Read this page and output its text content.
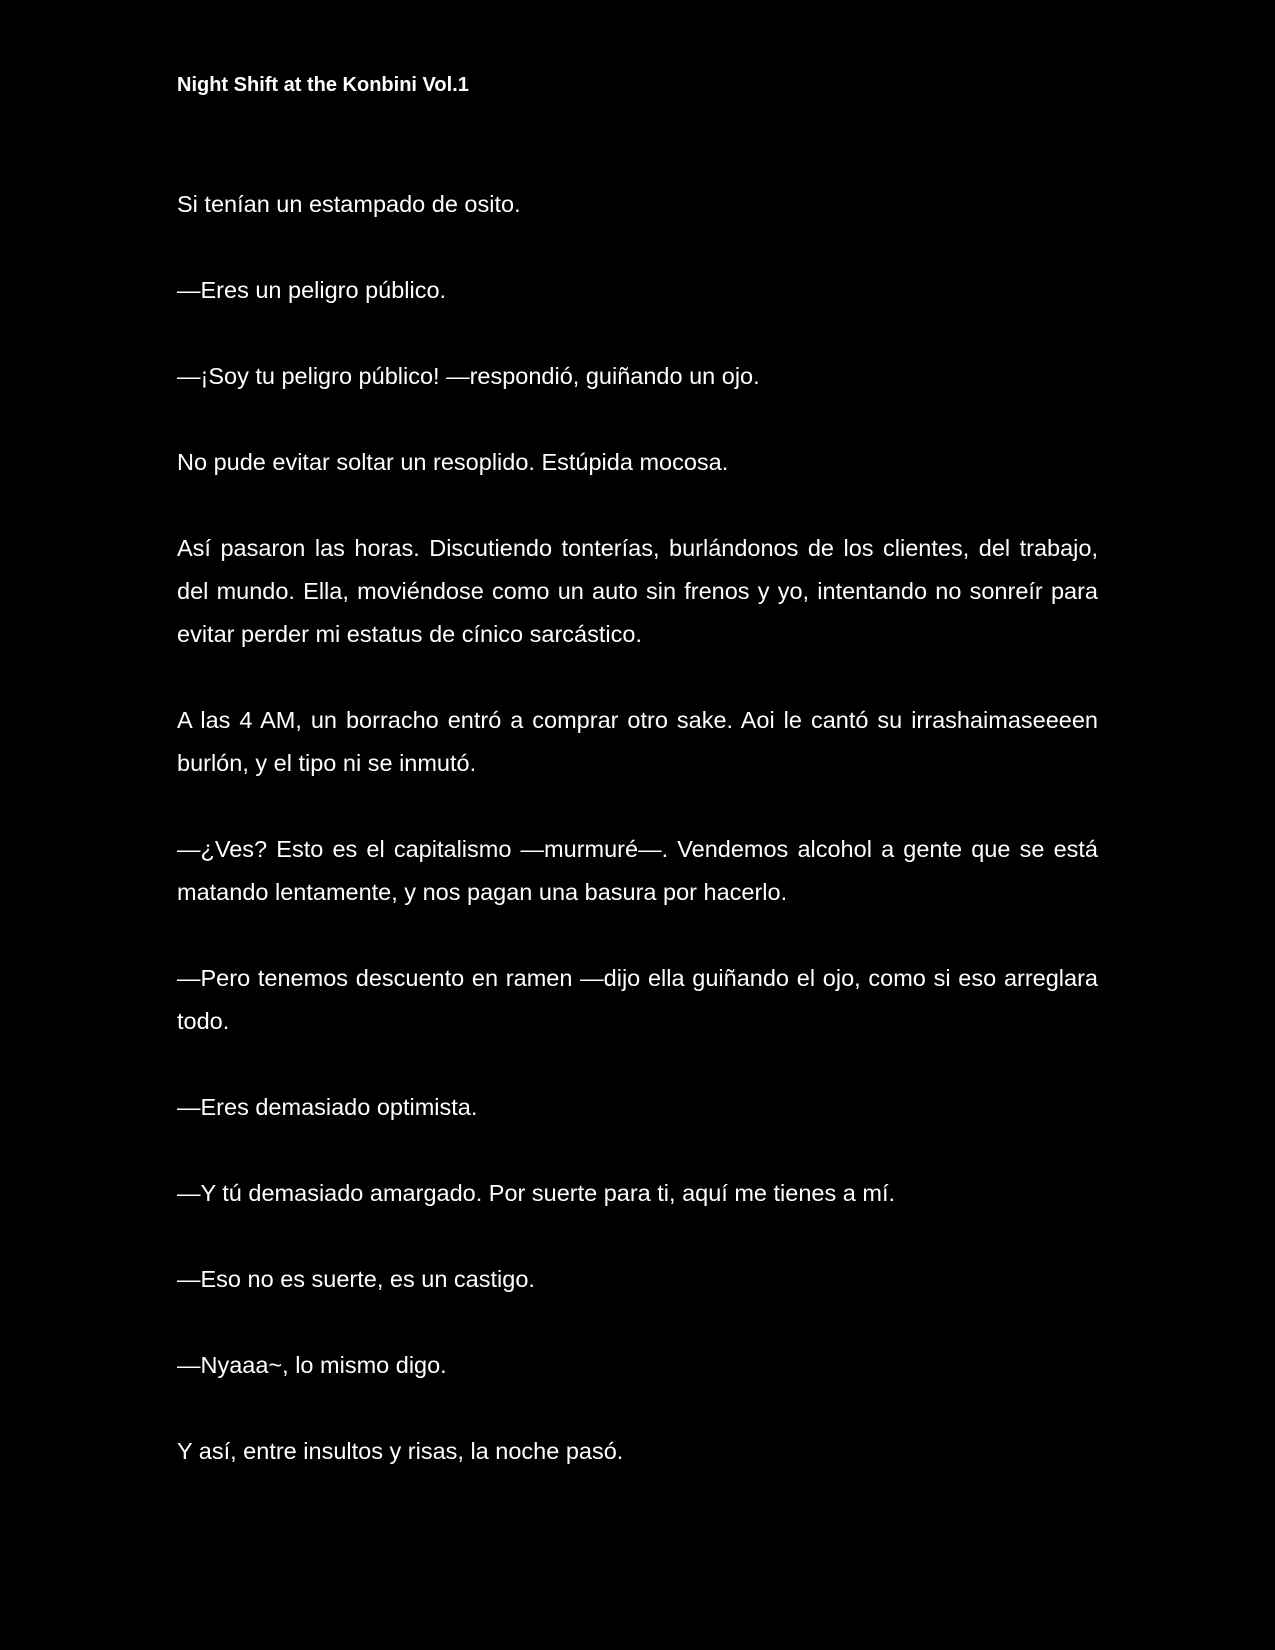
Night Shift at the Konbini Vol.1

Si tenían un estampado de osito.

—Eres un peligro público.

—¡Soy tu peligro público! —respondió, guiñando un ojo.

No pude evitar soltar un resoplido. Estúpida mocosa.

Así pasaron las horas. Discutiendo tonterías, burlándonos de los clientes, del trabajo, del mundo. Ella, moviéndose como un auto sin frenos y yo, intentando no sonreír para evitar perder mi estatus de cínico sarcástico.

A las 4 AM, un borracho entró a comprar otro sake. Aoi le cantó su irrashaimaseeeen burlón, y el tipo ni se inmutó.

—¿Ves? Esto es el capitalismo —murmuré—. Vendemos alcohol a gente que se está matando lentamente, y nos pagan una basura por hacerlo.

—Pero tenemos descuento en ramen —dijo ella guiñando el ojo, como si eso arreglara todo.

—Eres demasiado optimista.

—Y tú demasiado amargado. Por suerte para ti, aquí me tienes a mí.

—Eso no es suerte, es un castigo.

—Nyaaa~, lo mismo digo.

Y así, entre insultos y risas, la noche pasó.
